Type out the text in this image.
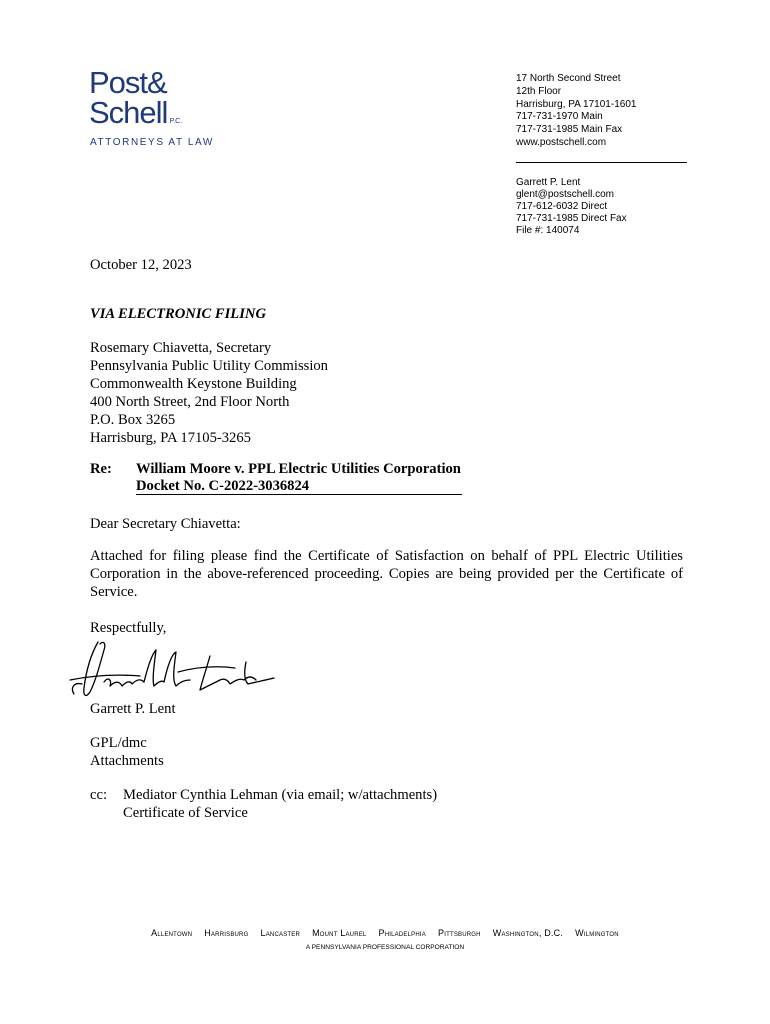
Post&
Schell P.C.
ATTORNEYS AT LAW
17 North Second Street
12th Floor
Harrisburg, PA 17101-1601
717-731-1970 Main
717-731-1985 Main Fax
www.postschell.com
Garrett P. Lent
glent@postschell.com
717-612-6032 Direct
717-731-1985 Direct Fax
File #: 140074
October 12, 2023
VIA ELECTRONIC FILING
Rosemary Chiavetta, Secretary
Pennsylvania Public Utility Commission
Commonwealth Keystone Building
400 North Street, 2nd Floor North
P.O. Box 3265
Harrisburg, PA 17105-3265
Re: William Moore v. PPL Electric Utilities Corporation
Docket No. C-2022-3036824
Dear Secretary Chiavetta:
Attached for filing please find the Certificate of Satisfaction on behalf of PPL Electric Utilities Corporation in the above-referenced proceeding. Copies are being provided per the Certificate of Service.
Respectfully,
Garrett P. Lent
GPL/dmc
Attachments
cc: Mediator Cynthia Lehman (via email; w/attachments)
Certificate of Service
Allentown Harrisburg Lancaster Mount Laurel Philadelphia Pittsburgh Washington, D.C. Wilmington
A PENNSYLVANIA PROFESSIONAL CORPORATION
